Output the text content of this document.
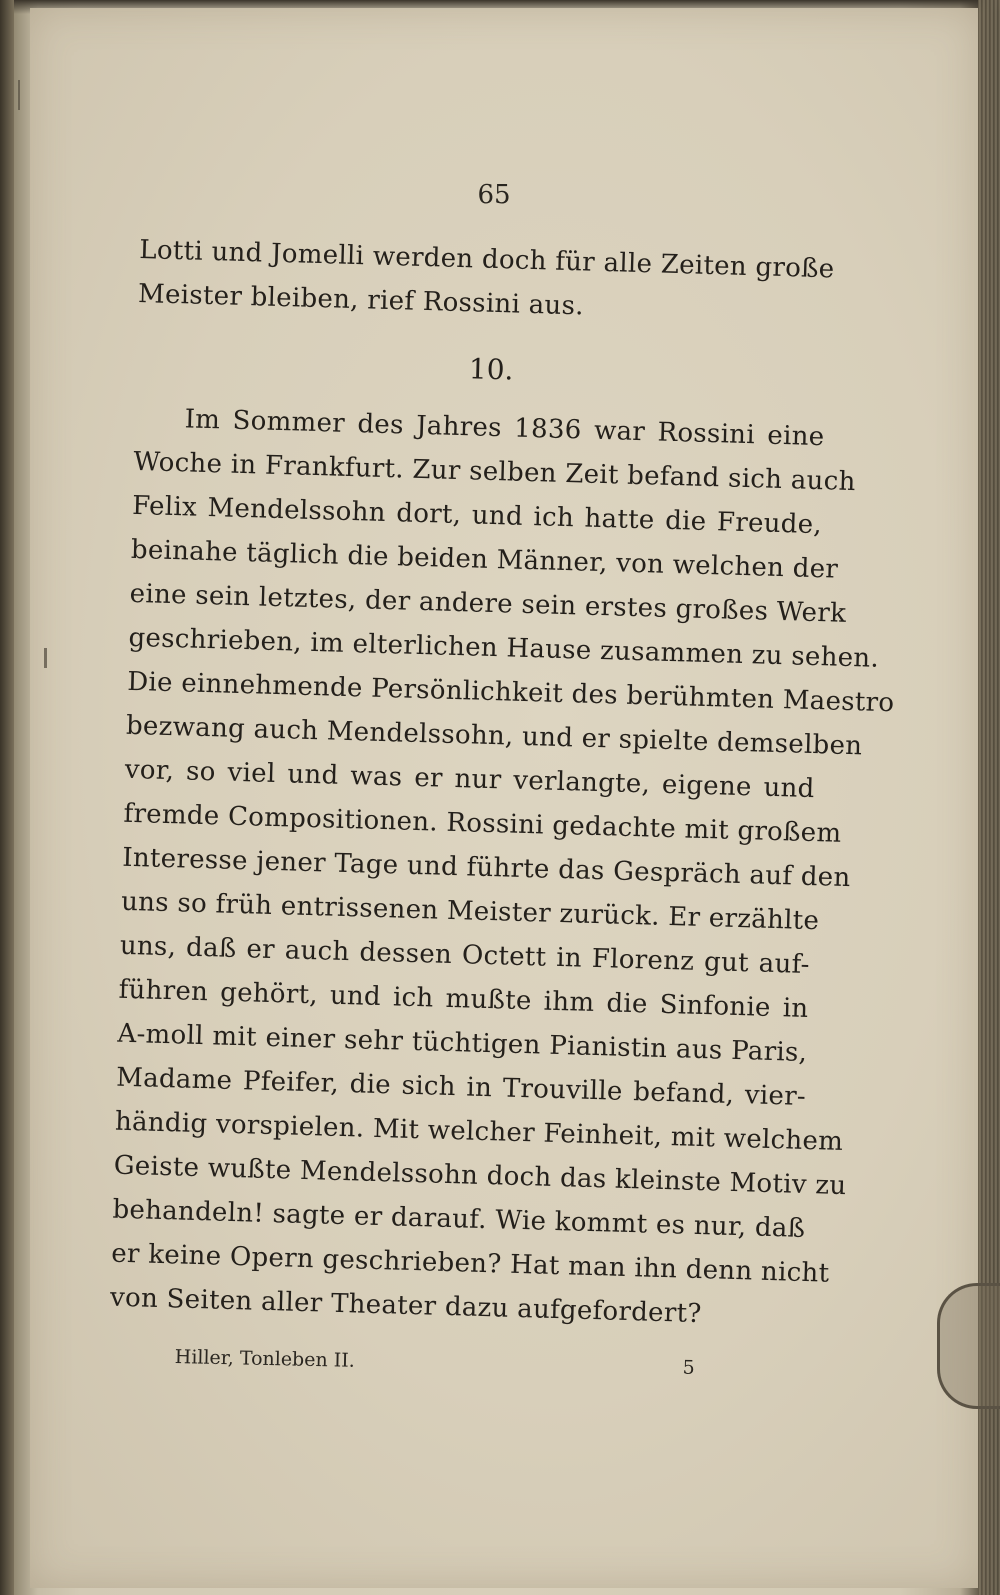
65
Lotti und Jomelli werden doch für alle Zeiten große
Meister bleiben, rief Rossini aus.
10.
Im Sommer des Jahres 1836 war Rossini eine
Woche in Frankfurt. Zur selben Zeit befand sich auch
Felix Mendelssohn dort, und ich hatte die Freude,
beinahe täglich die beiden Männer, von welchen der
eine sein letztes, der andere sein erstes großes Werk
geschrieben, im elterlichen Hause zusammen zu sehen.
Die einnehmende Persönlichkeit des berühmten Maestro
bezwang auch Mendelssohn, und er spielte demselben
vor, so viel und was er nur verlangte, eigene und
fremde Compositionen. Rossini gedachte mit großem
Interesse jener Tage und führte das Gespräch auf den
uns so früh entrissenen Meister zurück. Er erzählte
uns, daß er auch dessen Octett in Florenz gut auf-
führen gehört, und ich mußte ihm die Sinfonie in
A-moll mit einer sehr tüchtigen Pianistin aus Paris,
Madame Pfeifer, die sich in Trouville befand, vier-
händig vorspielen. Mit welcher Feinheit, mit welchem
Geiste wußte Mendelssohn doch das kleinste Motiv zu
behandeln! sagte er darauf. Wie kommt es nur, daß
er keine Opern geschrieben? Hat man ihn denn nicht
von Seiten aller Theater dazu aufgefordert?
Hiller, Tonleben II.	5
